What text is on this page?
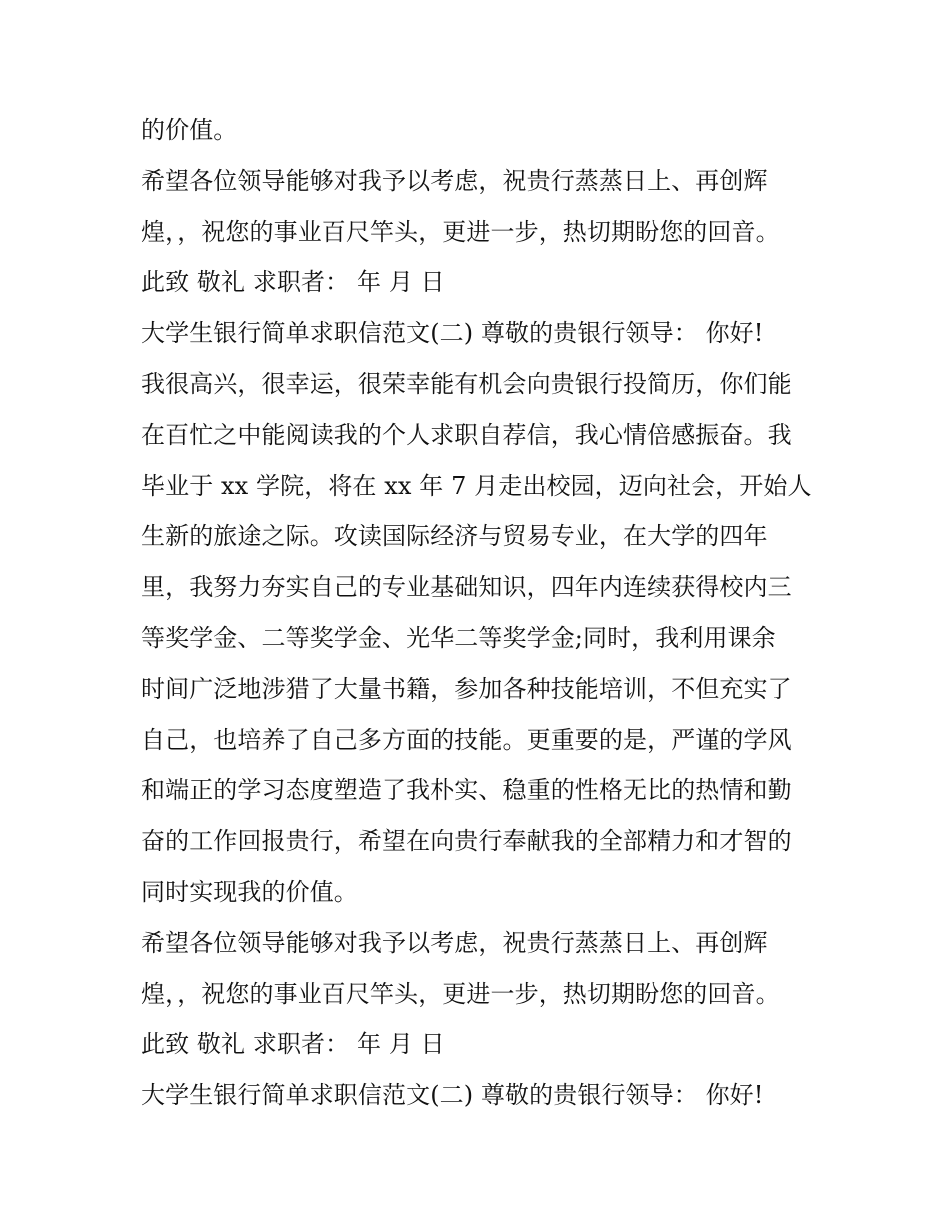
的价值。
希望各位领导能够对我予以考虑，祝贵行蒸蒸日上、再创辉
煌，，祝您的事业百尺竿头，更进一步，热切期盼您的回音。
此致 敬礼 求职者： 年 月 日
大学生银行简单求职信范文(二) 尊敬的贵银行领导： 你好!
我很高兴，很幸运，很荣幸能有机会向贵银行投简历，你们能
在百忙之中能阅读我的个人求职自荐信，我心情倍感振奋。我
毕业于 xx 学院，将在 xx 年 7 月走出校园，迈向社会，开始人
生新的旅途之际。攻读国际经济与贸易专业，在大学的四年
里，我努力夯实自己的专业基础知识，四年内连续获得校内三
等奖学金、二等奖学金、光华二等奖学金;同时，我利用课余
时间广泛地涉猎了大量书籍，参加各种技能培训，不但充实了
自己，也培养了自己多方面的技能。更重要的是，严谨的学风
和端正的学习态度塑造了我朴实、稳重的性格无比的热情和勤
奋的工作回报贵行，希望在向贵行奉献我的全部精力和才智的
同时实现我的价值。
希望各位领导能够对我予以考虑，祝贵行蒸蒸日上、再创辉
煌，，祝您的事业百尺竿头，更进一步，热切期盼您的回音。
此致 敬礼 求职者： 年 月 日
大学生银行简单求职信范文(二) 尊敬的贵银行领导： 你好!
